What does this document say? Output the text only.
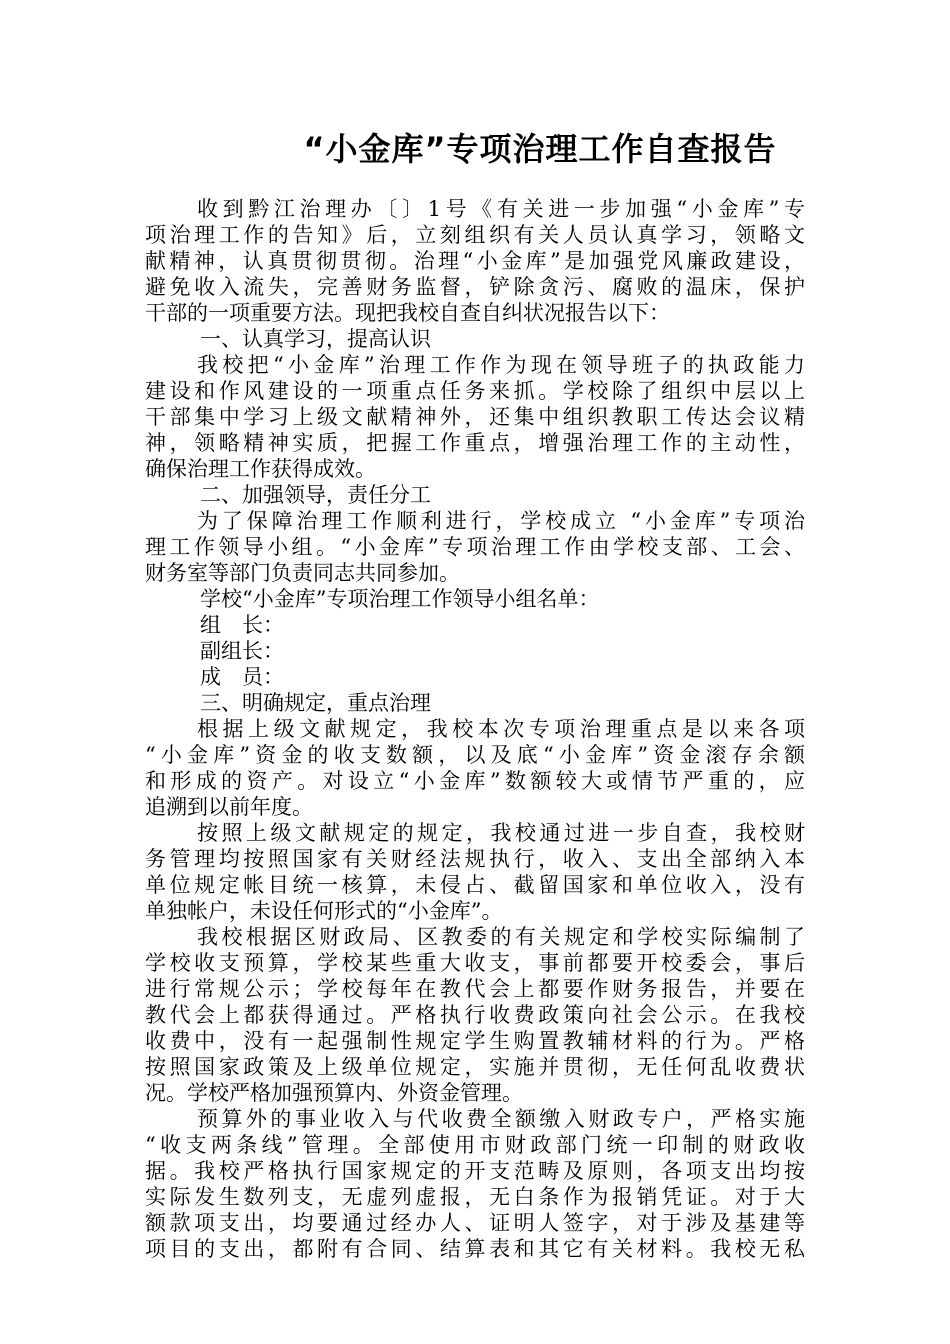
“小金库”专项治理工作自查报告
收到黔江治理办〔〕1号《有关进一步加强“小金库”专
项治理工作的告知》后，立刻组织有关人员认真学习，领略文
献精神，认真贯彻贯彻。治理“小金库”是加强党风廉政建设，
避免收入流失，完善财务监督，铲除贪污、腐败的温床，保护
干部的一项重要方法。现把我校自查自纠状况报告以下：
一、认真学习，提高认识
我校把“小金库”治理工作作为现在领导班子的执政能力
建设和作风建设的一项重点任务来抓。学校除了组织中层以上
干部集中学习上级文献精神外，还集中组织教职工传达会议精
神，领略精神实质，把握工作重点，增强治理工作的主动性，
确保治理工作获得成效。
二、加强领导，责任分工
为了保障治理工作顺利进行，学校成立 “小金库”专项治
理工作领导小组。“小金库”专项治理工作由学校支部、工会、
财务室等部门负责同志共同参加。
学校“小金库”专项治理工作领导小组名单：
组　长：
副组长：
成　员：
三、明确规定，重点治理
根据上级文献规定，我校本次专项治理重点是以来各项
“小金库”资金的收支数额，以及底“小金库”资金滚存余额
和形成的资产。对设立“小金库”数额较大或情节严重的，应
追溯到以前年度。
按照上级文献规定的规定，我校通过进一步自查，我校财
务管理均按照国家有关财经法规执行，收入、支出全部纳入本
单位规定帐目统一核算，未侵占、截留国家和单位收入，没有
单独帐户，未设任何形式的“小金库”。
我校根据区财政局、区教委的有关规定和学校实际编制了
学校收支预算，学校某些重大收支，事前都要开校委会，事后
进行常规公示；学校每年在教代会上都要作财务报告，并要在
教代会上都获得通过。严格执行收费政策向社会公示。在我校
收费中，没有一起强制性规定学生购置教辅材料的行为。严格
按照国家政策及上级单位规定，实施并贯彻，无任何乱收费状
况。学校严格加强预算内、外资金管理。
预算外的事业收入与代收费全额缴入财政专户，严格实施
“收支两条线”管理。全部使用市财政部门统一印制的财政收
据。我校严格执行国家规定的开支范畴及原则，各项支出均按
实际发生数列支，无虚列虚报，无白条作为报销凭证。对于大
额款项支出，均要通过经办人、证明人签字，对于涉及基建等
项目的支出，都附有合同、结算表和其它有关材料。我校无私
